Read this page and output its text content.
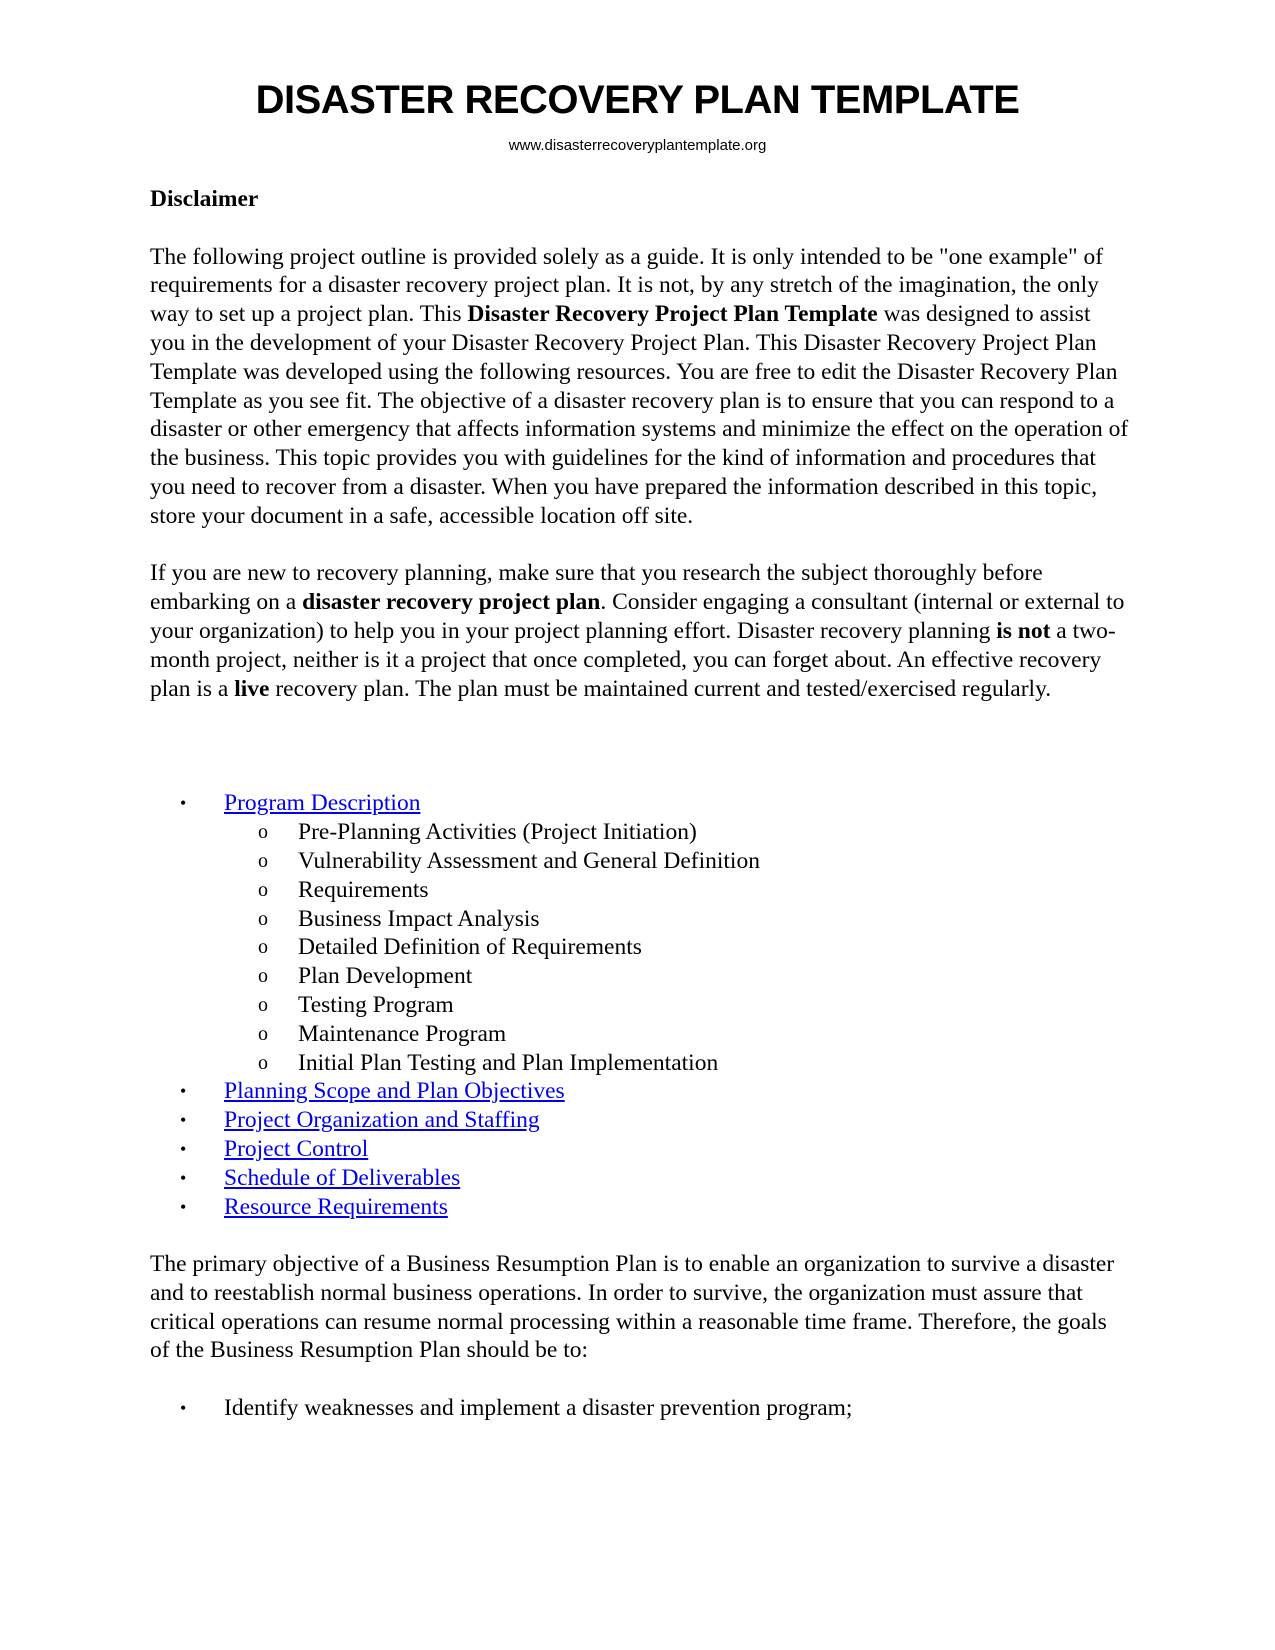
DISASTER RECOVERY PLAN TEMPLATE
www.disasterrecoveryplantemplate.org

Disclaimer

The following project outline is provided solely as a guide. It is only intended to be "one example" of requirements for a disaster recovery project plan. It is not, by any stretch of the imagination, the only way to set up a project plan. This Disaster Recovery Project Plan Template was designed to assist you in the development of your Disaster Recovery Project Plan. This Disaster Recovery Project Plan Template was developed using the following resources. You are free to edit the Disaster Recovery Plan Template as you see fit. The objective of a disaster recovery plan is to ensure that you can respond to a disaster or other emergency that affects information systems and minimize the effect on the operation of the business. This topic provides you with guidelines for the kind of information and procedures that you need to recover from a disaster. When you have prepared the information described in this topic, store your document in a safe, accessible location off site.

If you are new to recovery planning, make sure that you research the subject thoroughly before embarking on a disaster recovery project plan. Consider engaging a consultant (internal or external to your organization) to help you in your project planning effort. Disaster recovery planning is not a two-month project, neither is it a project that once completed, you can forget about. An effective recovery plan is a live recovery plan. The plan must be maintained current and tested/exercised regularly.

• Program Description
o Pre-Planning Activities (Project Initiation)
o Vulnerability Assessment and General Definition
o Requirements
o Business Impact Analysis
o Detailed Definition of Requirements
o Plan Development
o Testing Program
o Maintenance Program
o Initial Plan Testing and Plan Implementation
• Planning Scope and Plan Objectives
• Project Organization and Staffing
• Project Control
• Schedule of Deliverables
• Resource Requirements

The primary objective of a Business Resumption Plan is to enable an organization to survive a disaster and to reestablish normal business operations. In order to survive, the organization must assure that critical operations can resume normal processing within a reasonable time frame. Therefore, the goals of the Business Resumption Plan should be to:

• Identify weaknesses and implement a disaster prevention program;
